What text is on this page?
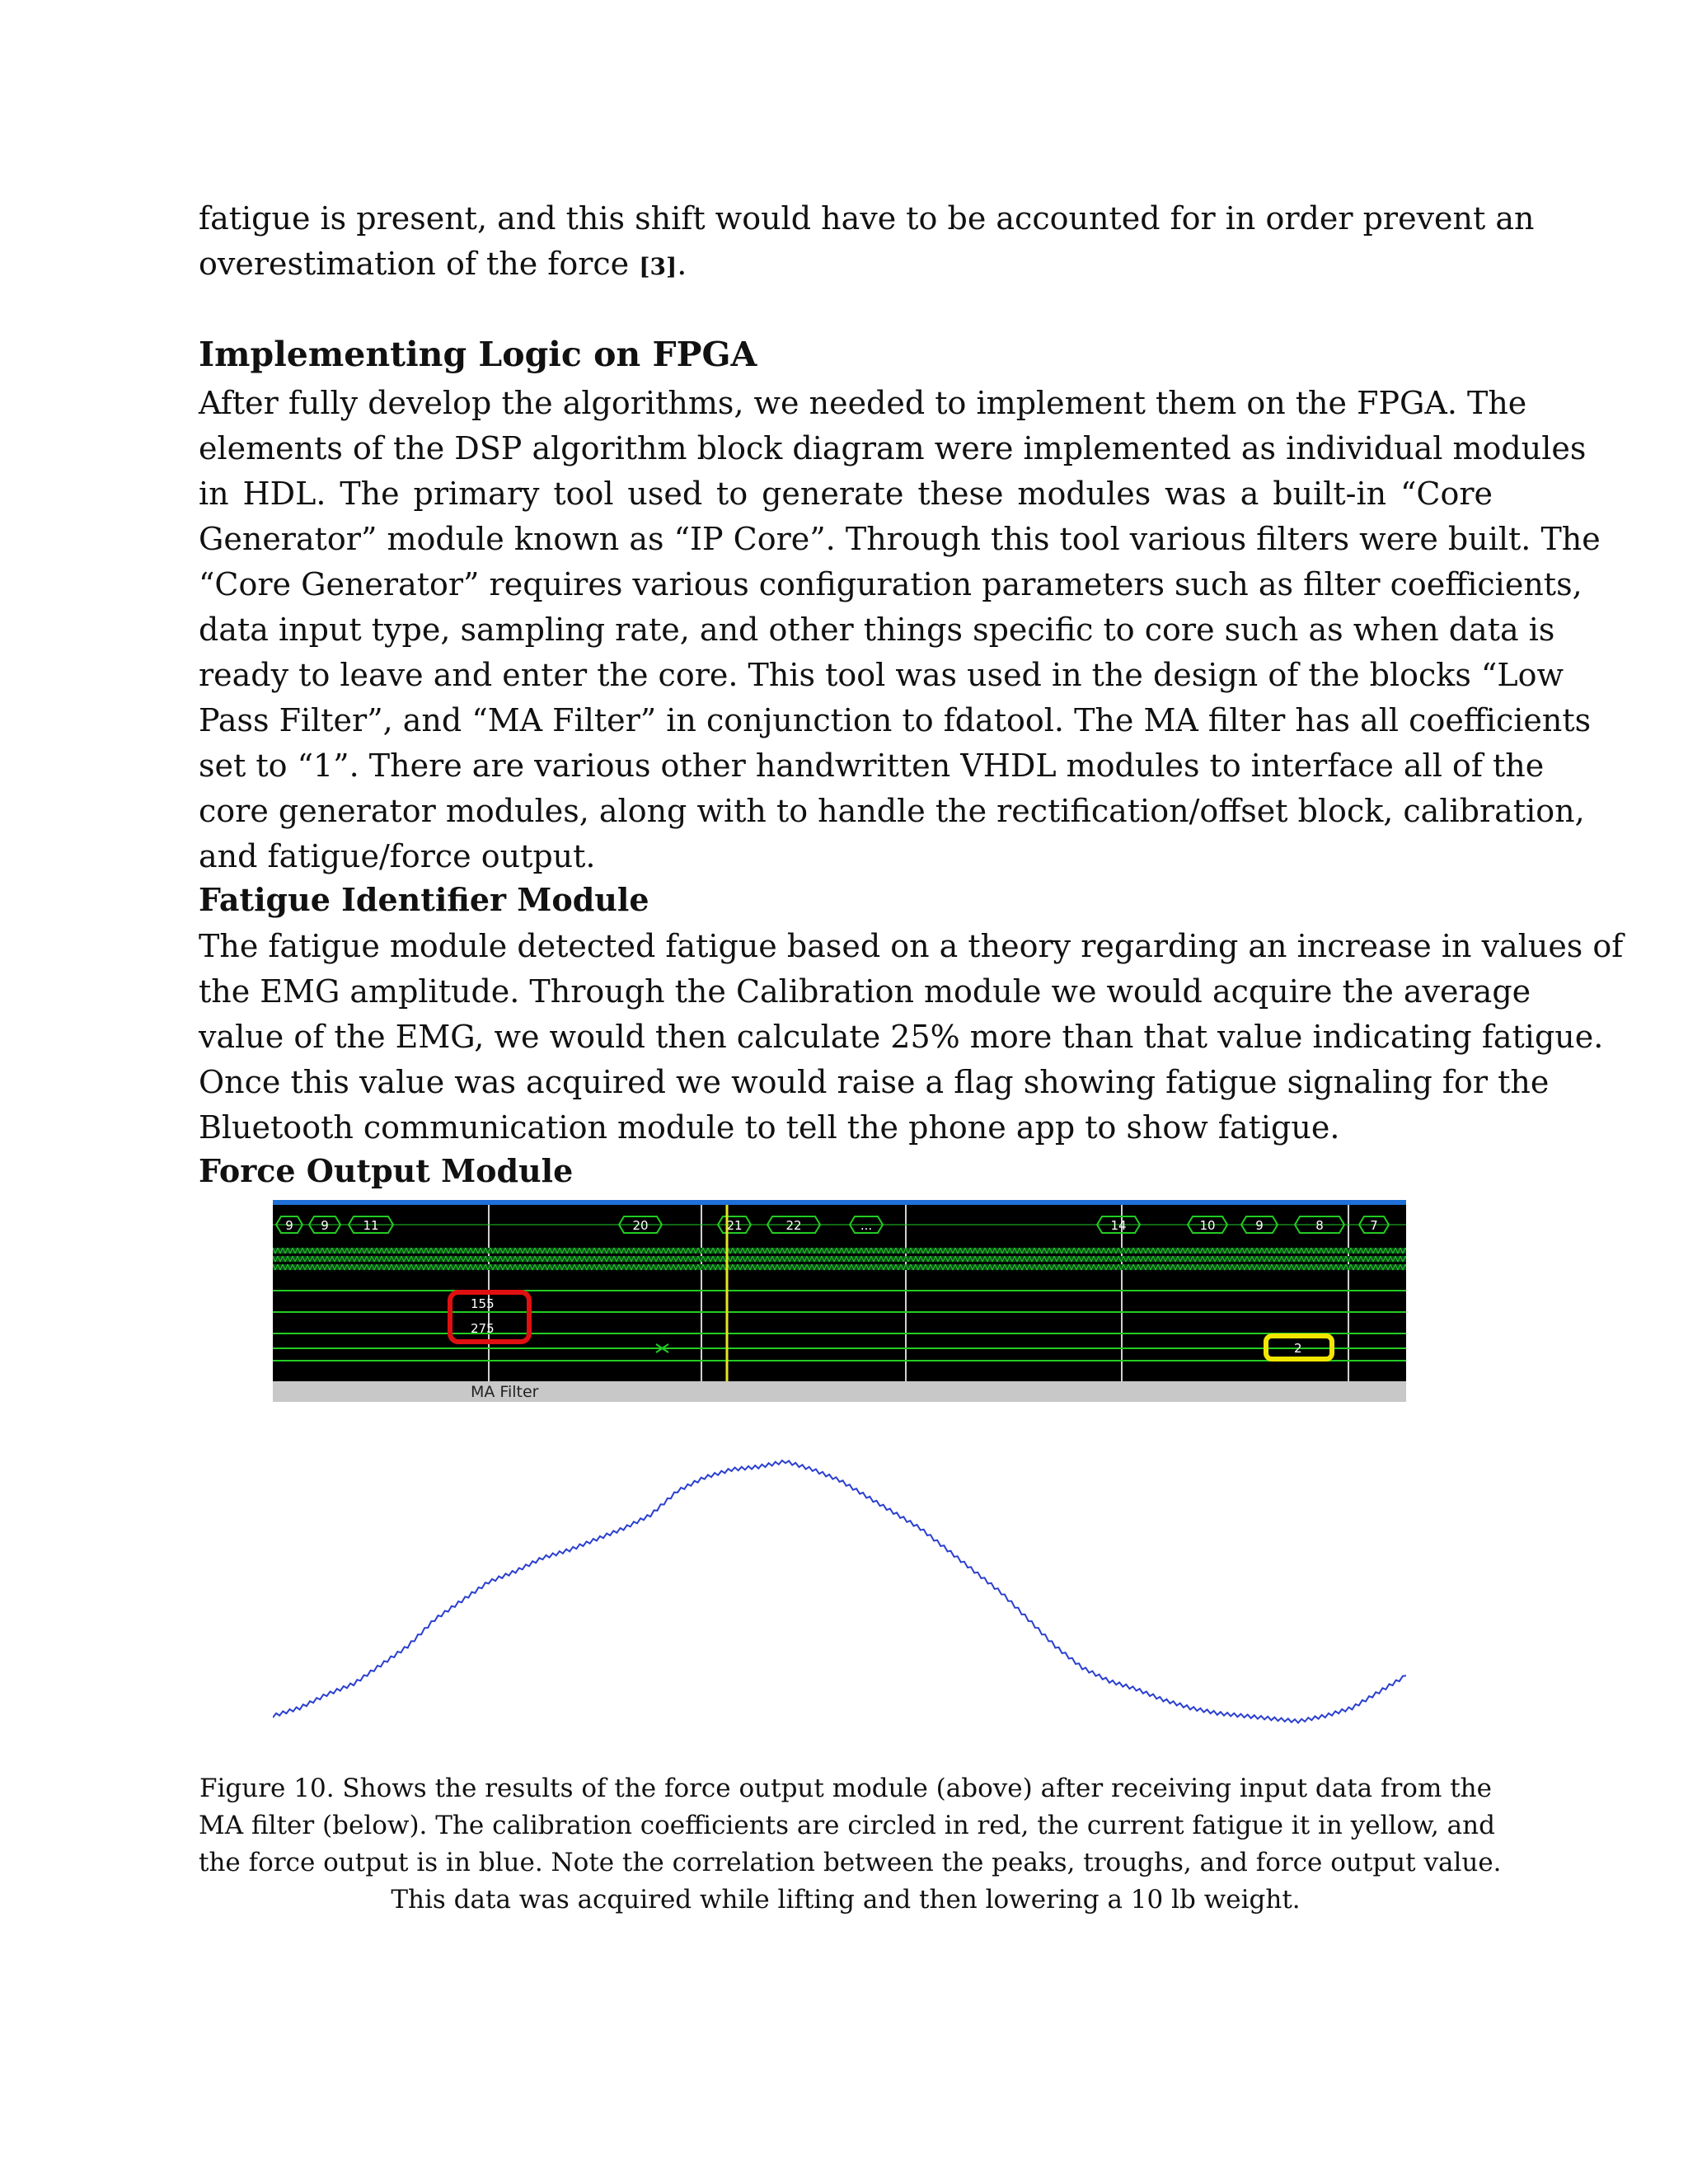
fatigue is present, and this shift would have to be accounted for in order prevent an
overestimation of the force [3].
Implementing Logic on FPGA
After fully develop the algorithms, we needed to implement them on the FPGA. The
elements of the DSP algorithm block diagram were implemented as individual modules
in HDL. The primary tool used to generate these modules was a built-in “Core
Generator” module known as “IP Core”. Through this tool various filters were built. The
“Core Generator” requires various configuration parameters such as filter coefficients,
data input type, sampling rate, and other things specific to core such as when data is
ready to leave and enter the core. This tool was used in the design of the blocks “Low
Pass Filter”, and “MA Filter” in conjunction to fdatool. The MA filter has all coefficients
set to “1”. There are various other handwritten VHDL modules to interface all of the
core generator modules, along with to handle the rectification/offset block, calibration,
and fatigue/force output.
Fatigue Identifier Module
The fatigue module detected fatigue based on a theory regarding an increase in values of
the EMG amplitude. Through the Calibration module we would acquire the average
value of the EMG, we would then calculate 25% more than that value indicating fatigue.
Once this value was acquired we would raise a flag showing fatigue signaling for the
Bluetooth communication module to tell the phone app to show fatigue.
Force Output Module
9 9	11	20	21	22	...	14	10	9	8	7
155
275
2
MA Filter
Figure 10. Shows the results of the force output module (above) after receiving input data from the
MA filter (below). The calibration coefficients are circled in red, the current fatigue it in yellow, and
the force output is in blue. Note the correlation between the peaks, troughs, and force output value.
This data was acquired while lifting and then lowering a 10 lb weight.
